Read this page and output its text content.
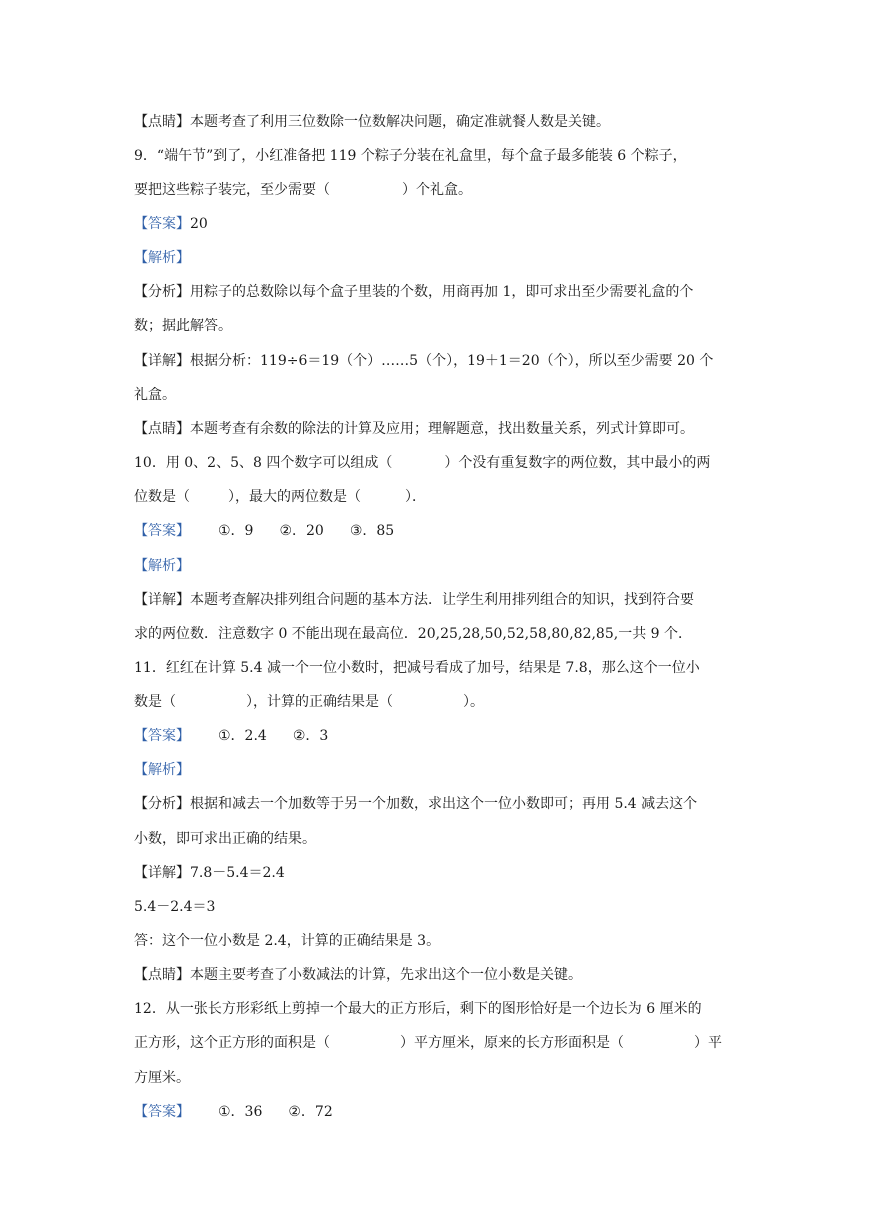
【点睛】本题考查了利用三位数除一位数解决问题，确定准就餐人数是关键。
9．“端午节”到了，小红准备把 119 个粽子分装在礼盒里，每个盒子最多能装 6 个粽子，
要把这些粽子装完，至少需要（	）个礼盒。
【答案】20
【解析】
【分析】用粽子的总数除以每个盒子里装的个数，用商再加 1，即可求出至少需要礼盒的个
数；据此解答。
【详解】根据分析：119÷6＝19（个）……5（个），19＋1＝20（个），所以至少需要 20 个
礼盒。
【点睛】本题考查有余数的除法的计算及应用；理解题意，找出数量关系，列式计算即可。
10．用 0、2、5、8 四个数字可以组成（	）个没有重复数字的两位数，其中最小的两
位数是（	），最大的两位数是（	）．
【答案】 ①．9 ②．20 ③．85
【解析】
【详解】本题考查解决排列组合问题的基本方法．让学生利用排列组合的知识，找到符合要
求的两位数．注意数字 0 不能出现在最高位．20,25,28,50,52,58,80,82,85,一共 9 个．
11．红红在计算 5.4 减一个一位小数时，把减号看成了加号，结果是 7.8，那么这个一位小
数是（	），计算的正确结果是（	）。
【答案】 ①．2.4 ②．3
【解析】
【分析】根据和减去一个加数等于另一个加数，求出这个一位小数即可；再用 5.4 减去这个
小数，即可求出正确的结果。
【详解】7.8－5.4＝2.4
5.4－2.4＝3
答：这个一位小数是 2.4，计算的正确结果是 3。
【点睛】本题主要考查了小数减法的计算，先求出这个一位小数是关键。
12．从一张长方形彩纸上剪掉一个最大的正方形后，剩下的图形恰好是一个边长为 6 厘米的
正方形，这个正方形的面积是（	）平方厘米，原来的长方形面积是（	）平
方厘米。
【答案】 ①．36 ②．72
